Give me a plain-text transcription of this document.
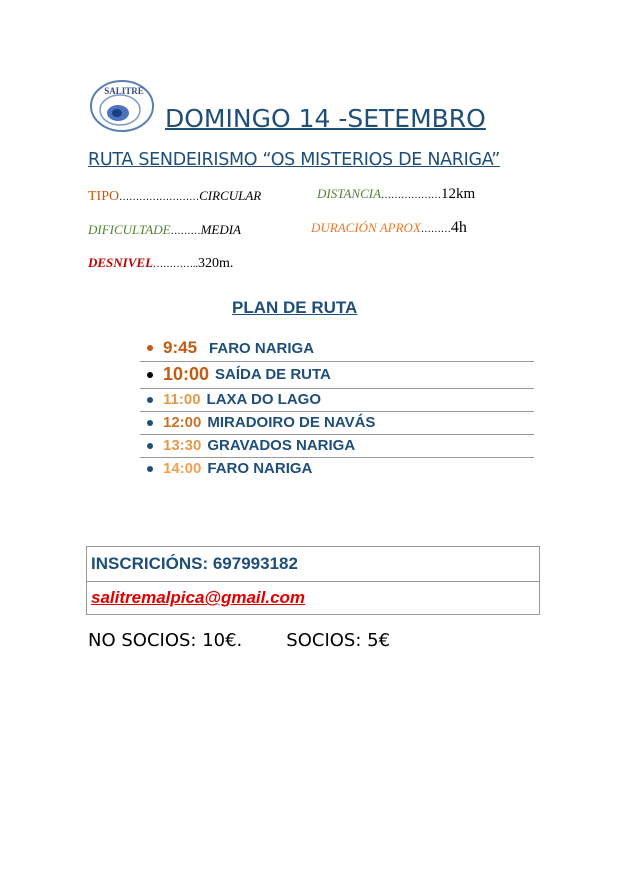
SALITRE
DOMINGO 14 -SETEMBRO
RUTA SENDEIRISMO “OS MISTERIOS DE NARIGA”
TIPO……………………CIRCULAR	DISTANCIA………………12km
DIFICULTADE………MEDIA	DURACIÓN APROX………4h
DESNIVEL…………..320m.
PLAN DE RUTA
9:45 FARO NARIGA
10:00 SAÍDA DE RUTA
11:00 LAXA DO LAGO
12:00 MIRADOIRO DE NAVÁS
13:30 GRAVADOS NARIGA
14:00 FARO NARIGA
INSCRICIÓNS: 697993182
salitremalpica@gmail.com
NO SOCIOS: 10€. SOCIOS: 5€
